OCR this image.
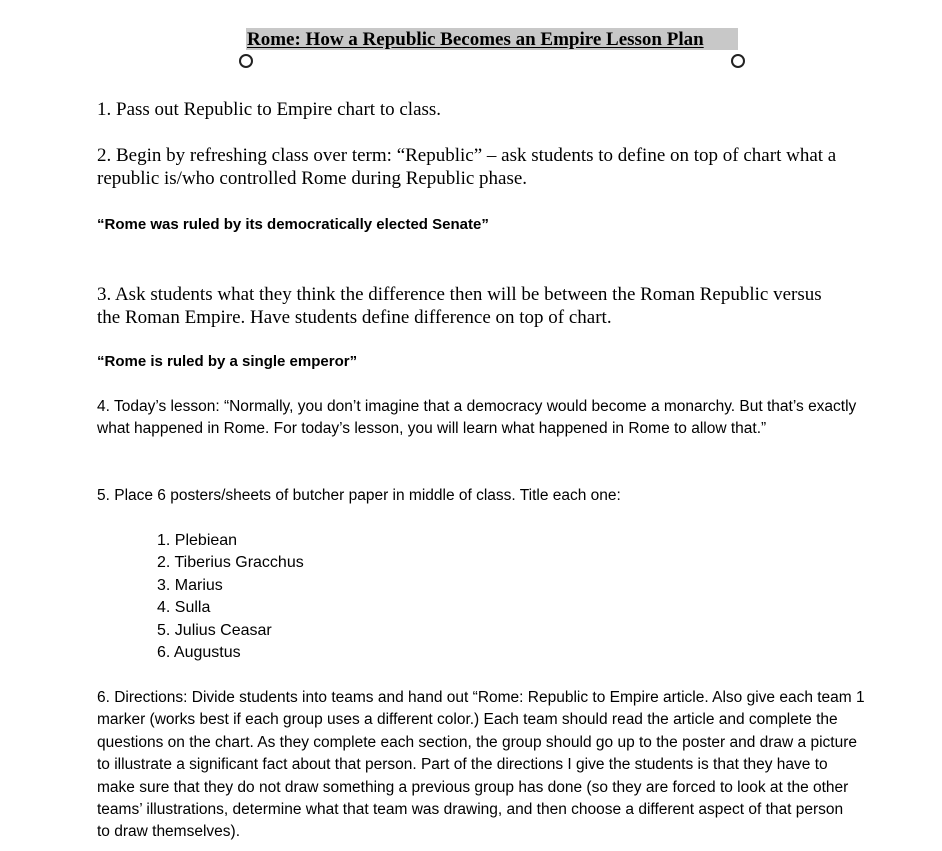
Rome: How a Republic Becomes an Empire Lesson Plan
1. Pass out Republic to Empire chart to class.
2. Begin by refreshing class over term: “Republic” – ask students to define on top of chart what a
republic is/who controlled Rome during Republic phase.
“Rome was ruled by its democratically elected Senate”
3. Ask students what they think the difference then will be between the Roman Republic versus
the Roman Empire. Have students define difference on top of chart.
“Rome is ruled by a single emperor”
4. Today’s lesson: “Normally, you don’t imagine that a democracy would become a monarchy. But that’s exactly
what happened in Rome. For today’s lesson, you will learn what happened in Rome to allow that.”
5. Place 6 posters/sheets of butcher paper in middle of class. Title each one:
1. Plebiean
2. Tiberius Gracchus
3. Marius
4. Sulla
5. Julius Ceasar
6. Augustus
6. Directions: Divide students into teams and hand out “Rome: Republic to Empire article. Also give each team 1
marker (works best if each group uses a different color.) Each team should read the article and complete the
questions on the chart. As they complete each section, the group should go up to the poster and draw a picture
to illustrate a significant fact about that person. Part of the directions I give the students is that they have to
make sure that they do not draw something a previous group has done (so they are forced to look at the other
teams’ illustrations, determine what that team was drawing, and then choose a different aspect of that person
to draw themselves).
